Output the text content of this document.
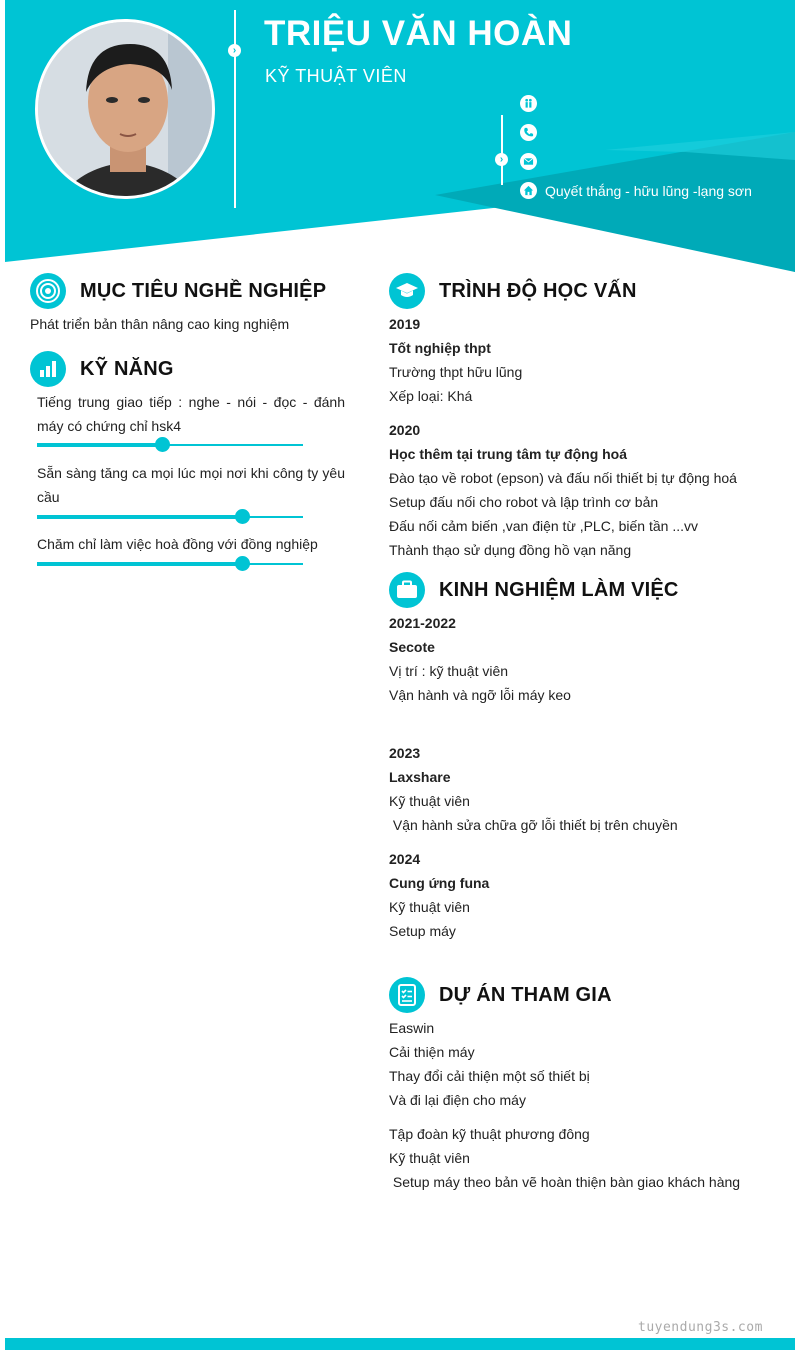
›
›
TRIỆU VĂN HOÀN
KỸ THUẬT VIÊN
Quyết thắng - hữu lũng -lạng sơn
MỤC TIÊU NGHỀ NGHIỆP
Phát triển bản thân nâng cao king nghiệm
KỸ NĂNG
Tiếng trung giao tiếp : nghe - nói - đọc - đánh máy có chứng chỉ hsk4
Sẵn sàng tăng ca mọi lúc mọi nơi khi công ty yêu cầu
Chăm chỉ làm việc hoà đồng với đồng nghiệp
TRÌNH ĐỘ HỌC VẤN
2019
Tốt nghiệp thpt
Trường thpt hữu lũng
Xếp loại: Khá
2020
Học thêm tại trung tâm tự động hoá
Đào tạo về robot (epson) và đấu nối thiết bị tự động hoá
Setup đấu nối cho robot và lập trình cơ bản
Đấu nối cảm biến ,van điện từ ,PLC, biến tần ...vv
Thành thạo sử dụng đồng hồ vạn năng
KINH NGHIỆM LÀM VIỆC
2021-2022
Secote
Vị trí : kỹ thuật viên
Vận hành và ngỡ lỗi máy keo
2023
Laxshare
Kỹ thuật viên
Vận hành sửa chữa gỡ lỗi thiết bị trên chuyền
2024
Cung ứng funa
Kỹ thuật viên
Setup máy
DỰ ÁN THAM GIA
Easwin
Cải thiện máy
Thay đổi cải thiện một số thiết bị
Và đi lại điện cho máy
Tập đoàn kỹ thuật phương đông
Kỹ thuật viên
Setup máy theo bản vẽ hoàn thiện bàn giao khách hàng
tuyendung3s.com
